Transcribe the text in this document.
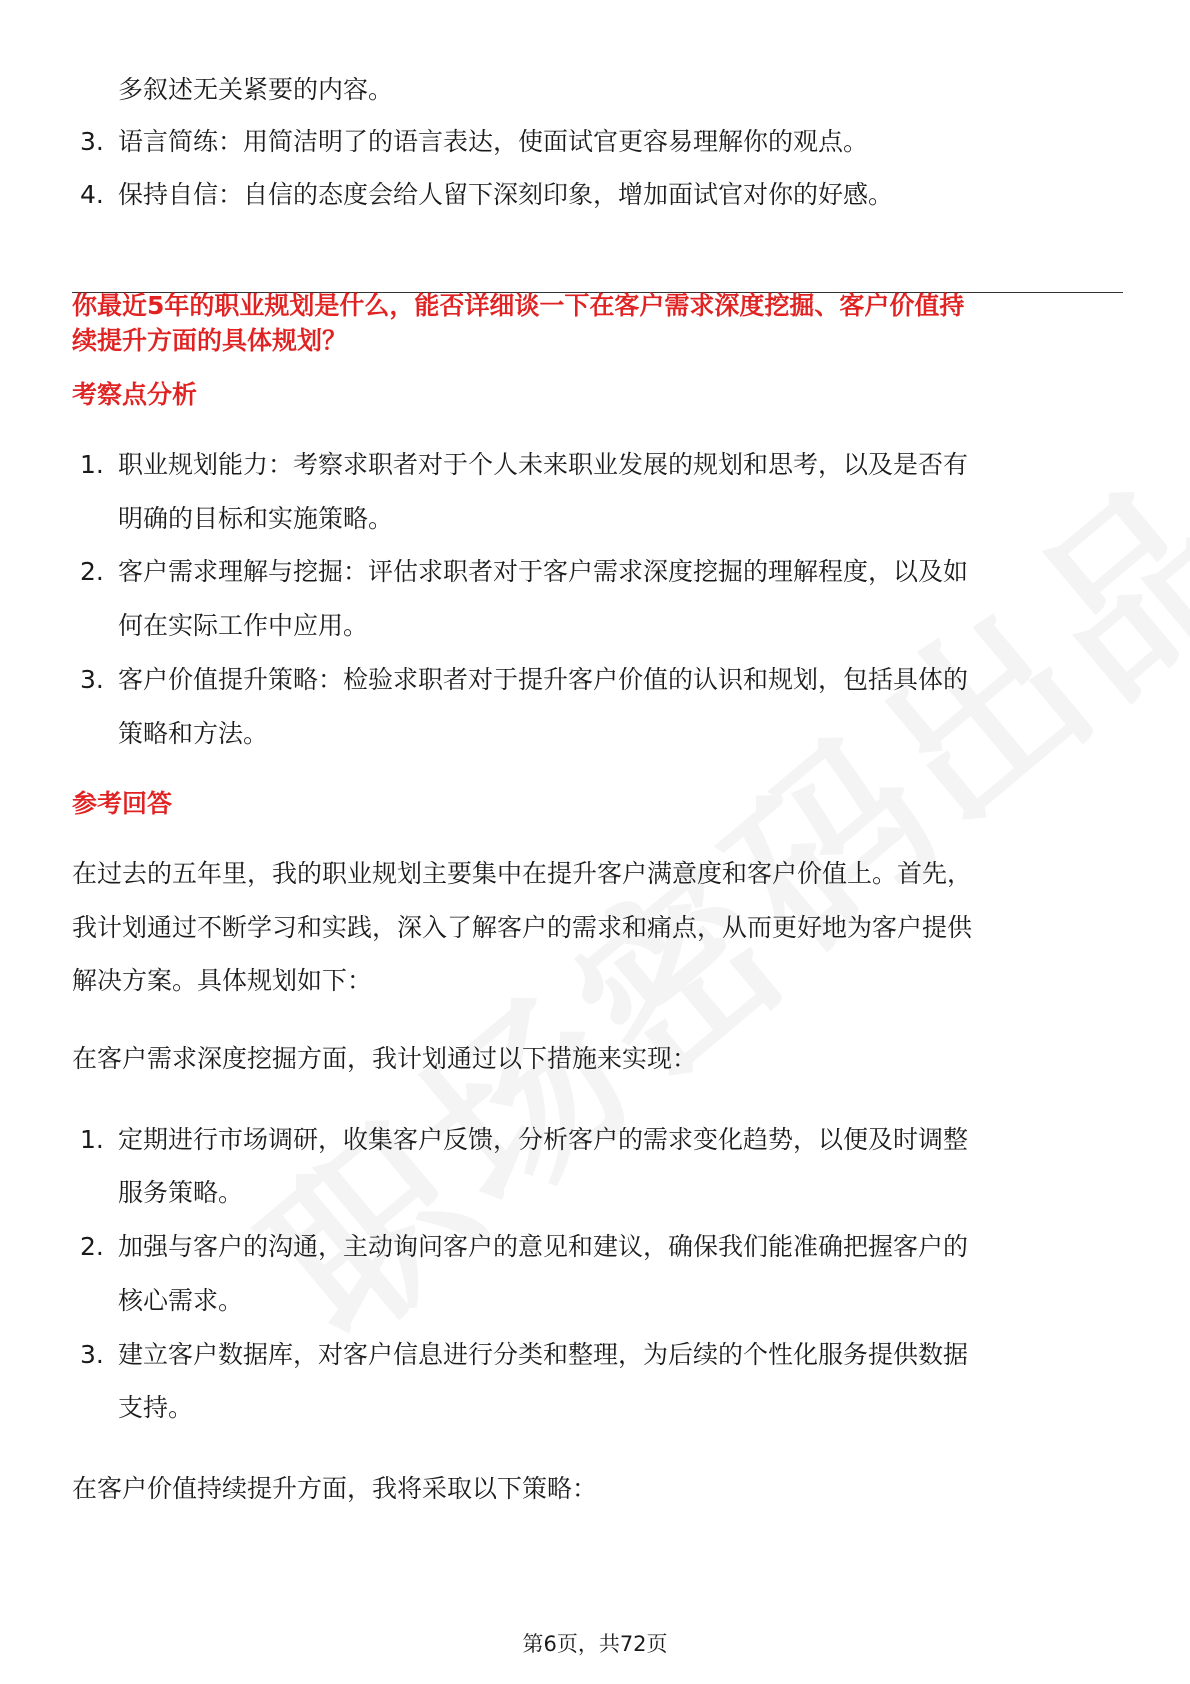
多叙述无关紧要的内容。
3. 语言简练：用简洁明了的语言表达，使面试官更容易理解你的观点。
4. 保持自信：自信的态度会给人留下深刻印象，增加面试官对你的好感。
你最近5年的职业规划是什么，能否详细谈一下在客户需求深度挖掘、客户价值持
续提升方面的具体规划？
考察点分析
1. 职业规划能力：考察求职者对于个人未来职业发展的规划和思考，以及是否有
明确的目标和实施策略。
2. 客户需求理解与挖掘：评估求职者对于客户需求深度挖掘的理解程度，以及如
何在实际工作中应用。
3. 客户价值提升策略：检验求职者对于提升客户价值的认识和规划，包括具体的
策略和方法。
参考回答
在过去的五年里，我的职业规划主要集中在提升客户满意度和客户价值上。首先，
我计划通过不断学习和实践，深入了解客户的需求和痛点，从而更好地为客户提供
解决方案。具体规划如下：
在客户需求深度挖掘方面，我计划通过以下措施来实现：
1. 定期进行市场调研，收集客户反馈，分析客户的需求变化趋势，以便及时调整
服务策略。
2. 加强与客户的沟通，主动询问客户的意见和建议，确保我们能准确把握客户的
核心需求。
3. 建立客户数据库，对客户信息进行分类和整理，为后续的个性化服务提供数据
支持。
在客户价值持续提升方面，我将采取以下策略：
第6页，共72页
